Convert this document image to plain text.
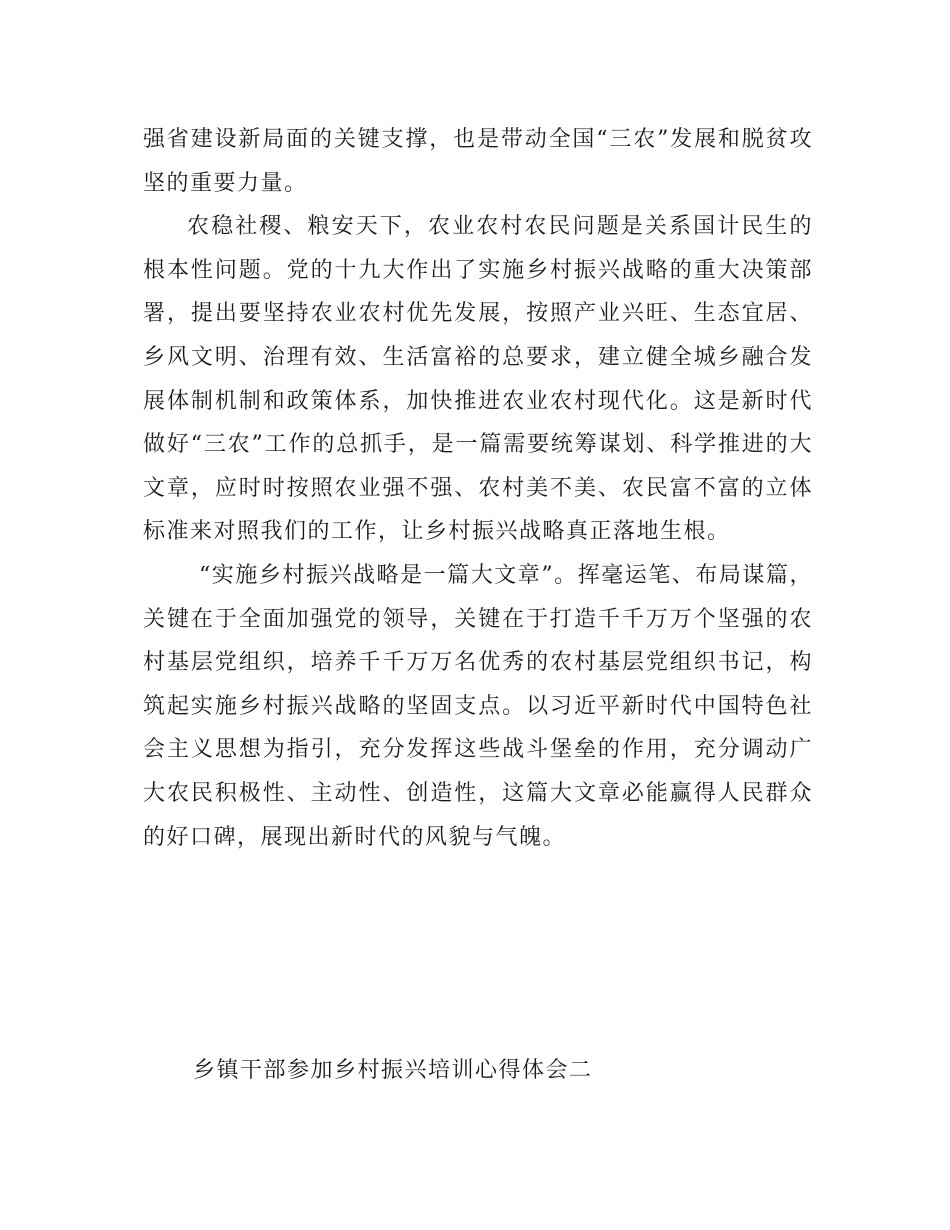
强省建设新局面的关键支撑，也是带动全国“三农”发展和脱贫攻坚的重要力量。

农稳社稷、粮安天下，农业农村农民问题是关系国计民生的根本性问题。党的十九大作出了实施乡村振兴战略的重大决策部署，提出要坚持农业农村优先发展，按照产业兴旺、生态宜居、乡风文明、治理有效、生活富裕的总要求，建立健全城乡融合发展体制机制和政策体系，加快推进农业农村现代化。这是新时代做好“三农”工作的总抓手，是一篇需要统筹谋划、科学推进的大文章，应时时按照农业强不强、农村美不美、农民富不富的立体标准来对照我们的工作，让乡村振兴战略真正落地生根。

“实施乡村振兴战略是一篇大文章”。挥毫运笔、布局谋篇，关键在于全面加强党的领导，关键在于打造千千万万个坚强的农村基层党组织，培养千千万万名优秀的农村基层党组织书记，构筑起实施乡村振兴战略的坚固支点。以习近平新时代中国特色社会主义思想为指引，充分发挥这些战斗堡垒的作用，充分调动广大农民积极性、主动性、创造性，这篇大文章必能赢得人民群众的好口碑，展现出新时代的风貌与气魄。

乡镇干部参加乡村振兴培训心得体会二
